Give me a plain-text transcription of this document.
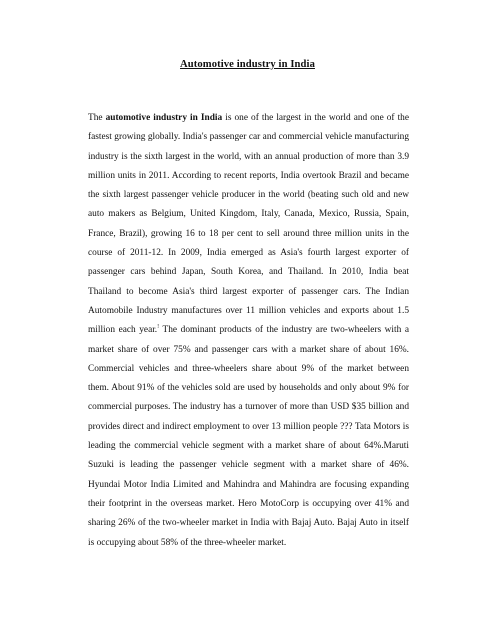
Automotive industry in India

The automotive industry in India is one of the largest in the world and one of the fastest growing globally. India's passenger car and commercial vehicle manufacturing industry is the sixth largest in the world, with an annual production of more than 3.9 million units in 2011. According to recent reports, India overtook Brazil and became the sixth largest passenger vehicle producer in the world (beating such old and new auto makers as Belgium, United Kingdom, Italy, Canada, Mexico, Russia, Spain, France, Brazil), growing 16 to 18 per cent to sell around three million units in the course of 2011-12. In 2009, India emerged as Asia's fourth largest exporter of passenger cars behind Japan, South Korea, and Thailand. In 2010, India beat Thailand to become Asia's third largest exporter of passenger cars. The Indian Automobile Industry manufactures over 11 million vehicles and exports about 1.5 million each year.! The dominant products of the industry are two-wheelers with a market share of over 75% and passenger cars with a market share of about 16%. Commercial vehicles and three-wheelers share about 9% of the market between them. About 91% of the vehicles sold are used by households and only about 9% for commercial purposes. The industry has a turnover of more than USD $35 billion and provides direct and indirect employment to over 13 million people ??? Tata Motors is leading the commercial vehicle segment with a market share of about 64%.Maruti Suzuki is leading the passenger vehicle segment with a market share of 46%. Hyundai Motor India Limited and Mahindra and Mahindra are focusing expanding their footprint in the overseas market. Hero MotoCorp is occupying over 41% and sharing 26% of the two-wheeler market in India with Bajaj Auto. Bajaj Auto in itself is occupying about 58% of the three-wheeler market.
